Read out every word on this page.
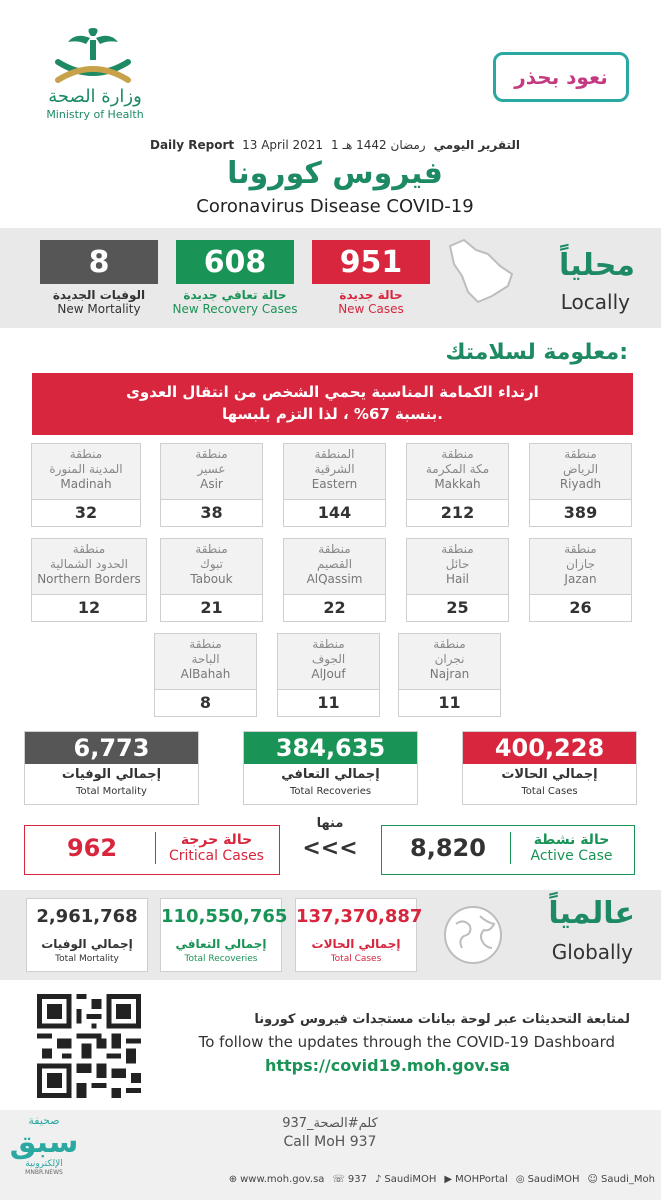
وزارة الصحة
Ministry of Health
نعود بحذر
Daily Report 13 April 2021 1 رمضان 1442 هـ التقرير اليومي
فيروس كورونا
Coronavirus Disease COVID-19
951
حالة جديدة
New Cases
608
حالة تعافي جديدة
New Recovery Cases
8
الوفيات الجديدة
New Mortality
محلياً
Locally
معلومة لسلامتك:
ارتداء الكمامة المناسبة يحمي الشخص من انتقال العدوى
بنسبة 67% ، لذا التزم بلبسها.
منطقة
الرياض
Riyadh
389
منطقة
مكة المكرمة
Makkah
212
المنطقة
الشرقية
Eastern
144
منطقة
عسير
Asir
38
منطقة
المدينة المنورة
Madinah
32
منطقة
جازان
Jazan
26
منطقة
حائل
Hail
25
منطقة
القصيم
AlQassim
22
منطقة
تبوك
Tabouk
21
منطقة
الحدود الشمالية
Northern Borders
12
منطقة
نجران
Najran
11
منطقة
الجوف
AlJouf
11
منطقة
الباحة
AlBahah
8
400,228
إجمالي الحالات
Total Cases
384,635
إجمالي التعافي
Total Recoveries
6,773
إجمالي الوفيات
Total Mortality
حالة نشطة
Active Case
8,820
منها
<<<
حالة حرجة
Critical Cases
962
137,370,887
إجمالي الحالات
Total Cases
110,550,765
إجمالي التعافي
Total Recoveries
2,961,768
إجمالي الوفيات
Total Mortality
عالمياً
Globally
لمتابعة التحديثات عبر لوحة بيانات مستجدات فيروس كورونا
To follow the updates through the COVID-19 Dashboard
https://covid19.moh.gov.sa
كلم#الصحة_937
Call MoH 937
صحيفة
سبق
الإلكترونية
MNBR.NEWS
⊕ www.moh.gov.sa ☏ 937 ♪ SaudiMOH ▶ MOHPortal ◎ SaudiMOH ☺ Saudi_Moh
